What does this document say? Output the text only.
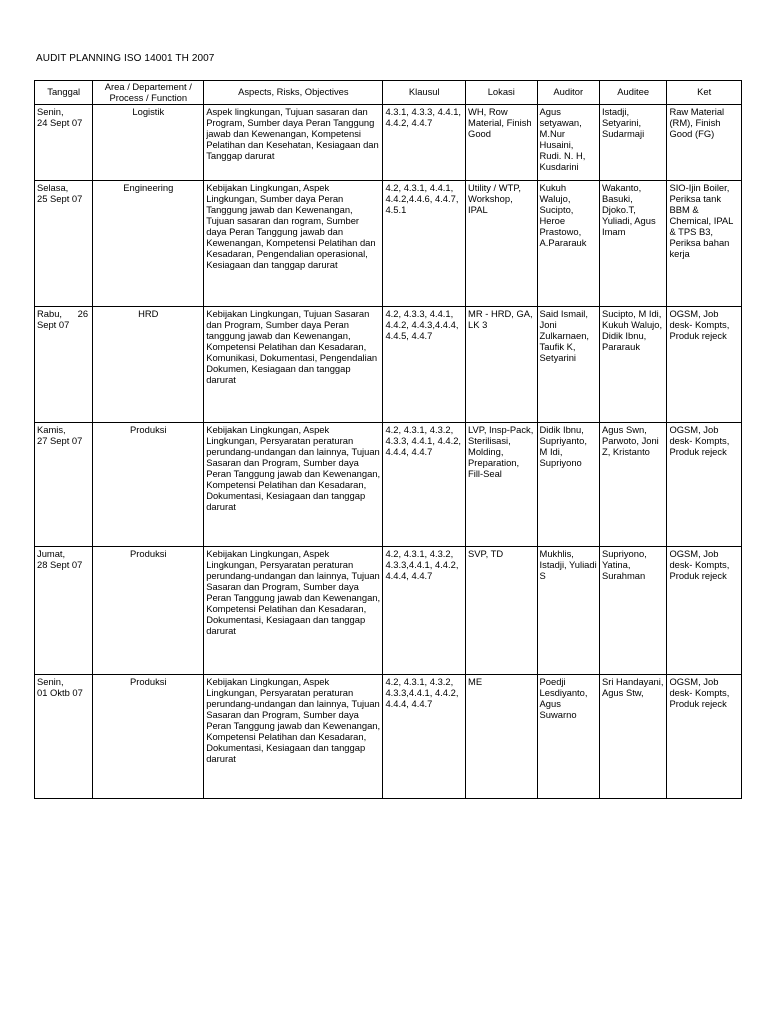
AUDIT PLANNING ISO 14001 TH 2007
Tanggal	Area / Departement / Process / Function	Aspects, Risks, Objectives	Klausul	Lokasi	Auditor	Auditee	Ket
Senin,
24 Sept 07	Logistik	Aspek lingkungan, Tujuan sasaran dan Program, Sumber daya Peran Tanggung jawab dan Kewenangan, Kompetensi Pelatihan dan Kesehatan, Kesiagaan dan Tanggap darurat	4.3.1, 4.3.3, 4.4.1, 4.4.2, 4.4.7	WH, Row Material, Finish Good	Agus setyawan, M.Nur Husaini, Rudi. N. H, Kusdarini	Istadji, Setyarini, Sudarmaji	Raw Material (RM), Finish Good (FG)
Selasa,
25 Sept 07	Engineering	Kebijakan Lingkungan, Aspek Lingkungan, Sumber daya Peran Tanggung jawab dan Kewenangan, Tujuan sasaran dan rogram, Sumber daya Peran Tanggung jawab dan Kewenangan, Kompetensi Pelatihan dan Kesadaran, Pengendalian operasional, Kesiagaan dan tanggap darurat	4.2, 4.3.1, 4.4.1, 4.4.2,4.4.6, 4.4.7, 4.5.1	Utility / WTP, Workshop, IPAL	Kukuh Walujo, Sucipto, Heroe Prastowo, A.Pararauk	Wakanto, Basuki, Djoko.T, Yuliadi, Agus Imam	SIO-Ijin Boiler, Periksa tank BBM & Chemical, IPAL & TPS B3, Periksa bahan kerja
Rabu,      26
Sept 07	HRD	Kebijakan Lingkungan, Tujuan Sasaran dan Program, Sumber daya Peran tanggung jawab dan Kewenangan, Kompetensi Pelatihan dan Kesadaran, Komunikasi, Dokumentasi, Pengendalian Dokumen, Kesiagaan dan tanggap darurat	4.2, 4.3.3, 4.4.1, 4.4.2, 4.4.3,4.4.4, 4.4.5, 4.4.7	MR - HRD, GA, LK 3	Said Ismail, Joni Zulkarnaen, Taufik K, Setyarini	Sucipto, M Idi, Kukuh Walujo, Didik Ibnu, Pararauk	OGSM, Job desk- Kompts, Produk rejeck
Kamis,
27 Sept 07	Produksi	Kebijakan Lingkungan, Aspek Lingkungan, Persyaratan peraturan perundang-undangan dan lainnya, Tujuan Sasaran dan Program, Sumber daya Peran Tanggung jawab dan Kewenangan, Kompetensi Pelatihan dan Kesadaran, Dokumentasi, Kesiagaan dan tanggap darurat	4.2, 4.3.1, 4.3.2, 4.3.3, 4.4.1, 4.4.2, 4.4.4, 4.4.7	LVP, Insp-Pack, Sterilisasi, Molding, Preparation, Fill-Seal	Didik Ibnu, Supriyanto, M Idi, Supriyono	Agus Swn, Parwoto, Joni Z, Kristanto	OGSM, Job desk- Kompts, Produk rejeck
Jumat,
28 Sept 07	Produksi	Kebijakan Lingkungan, Aspek Lingkungan, Persyaratan peraturan perundang-undangan dan lainnya, Tujuan Sasaran dan Program, Sumber daya Peran Tanggung jawab dan Kewenangan, Kompetensi Pelatihan dan Kesadaran, Dokumentasi, Kesiagaan dan tanggap darurat	4.2, 4.3.1, 4.3.2, 4.3.3,4.4.1, 4.4.2, 4.4.4, 4.4.7	SVP, TD	Mukhlis, Istadji, Yuliadi S	Supriyono, Yatina, Surahman	OGSM, Job desk- Kompts, Produk rejeck
Senin,
01 Oktb 07	Produksi	Kebijakan Lingkungan, Aspek Lingkungan, Persyaratan peraturan perundang-undangan dan lainnya, Tujuan Sasaran dan Program, Sumber daya Peran Tanggung jawab dan Kewenangan, Kompetensi Pelatihan dan Kesadaran, Dokumentasi, Kesiagaan dan tanggap darurat	4.2, 4.3.1, 4.3.2, 4.3.3,4.4.1, 4.4.2, 4.4.4, 4.4.7	ME	Poedji Lesdiyanto, Agus Suwarno	Sri Handayani, Agus Stw,	OGSM, Job desk- Kompts, Produk rejeck
